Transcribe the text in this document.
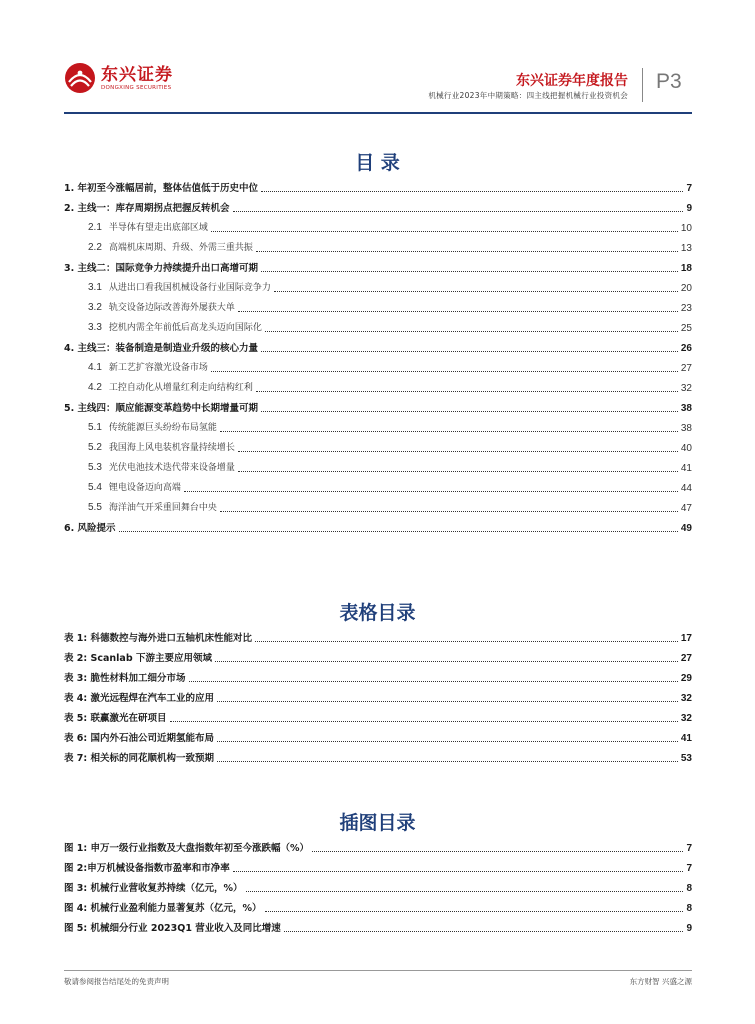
东兴证券
DONGXING SECURITIES	东兴证券年度报告
机械行业2023年中期策略：四主线把握机械行业投资机会
P3
目 录
1. 年初至今涨幅居前，整体估值低于历史中位	7
2. 主线一：库存周期拐点把握反转机会	9
2.1 半导体有望走出底部区域	10
2.2 高端机床周期、升级、外需三重共振	13
3. 主线二：国际竞争力持续提升出口高增可期	18
3.1 从进出口看我国机械设备行业国际竞争力	20
3.2 轨交设备边际改善海外屡获大单	23
3.3 挖机内需全年前低后高龙头迈向国际化	25
4. 主线三：装备制造是制造业升级的核心力量	26
4.1 新工艺扩容激光设备市场	27
4.2 工控自动化从增量红利走向结构红利	32
5. 主线四：顺应能源变革趋势中长期增量可期	38
5.1 传统能源巨头纷纷布局氢能	38
5.2 我国海上风电装机容量持续增长	40
5.3 光伏电池技术迭代带来设备增量	41
5.4 锂电设备迈向高端	44
5.5 海洋油气开采重回舞台中央	47
6. 风险提示	49
表格目录
表 1: 科德数控与海外进口五轴机床性能对比	17
表 2: Scanlab 下游主要应用领域	27
表 3: 脆性材料加工细分市场	29
表 4: 激光远程焊在汽车工业的应用	32
表 5: 联赢激光在研项目	32
表 6: 国内外石油公司近期氢能布局	41
表 7: 相关标的同花顺机构一致预期	53
插图目录
图 1: 申万一级行业指数及大盘指数年初至今涨跌幅（%）	7
图 2:申万机械设备指数市盈率和市净率	7
图 3: 机械行业营收复苏持续（亿元，%）	8
图 4: 机械行业盈利能力显著复苏（亿元，%）	8
图 5: 机械细分行业 2023Q1 营业收入及同比增速	9
敬请参阅报告结尾处的免责声明	东方财智 兴盛之源
